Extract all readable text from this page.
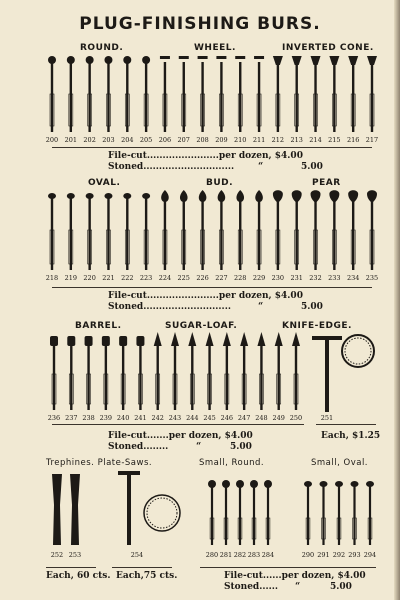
PLUG-FINISHING BURS.
ROUND.	WHEEL.	INVERTED CONE.
200 201 202 203 204 205 206 207 208 209 210 211 212 213 214 215 216 217
File-cut.......................per dozen, $4.00
Stoned.............................	“	5.00
OVAL.	BUD.	PEAR
218 219 220 221 222 223 224 225 226 227 228 229 230 231 232 233 234 235
File-cut.......................per dozen, $4.00
Stoned............................	“	5.00
BARREL.	SUGAR-LOAF.	KNIFE-EDGE.
236 237 238 239 240 241 242 243 244 245 246 247 248 249 250	251
File-cut.......per dozen, $4.00
Stoned........	“	5.00
Each, $1.25
Trephines. Plate-Saws.	Small, Round.	Small, Oval.
252 253	254	280 281 282 283 284	290 291 292 293 294
Each, 60 cts. Each,75 cts.	File-cut......per dozen, $4.00
Stoned...... “	5.00
